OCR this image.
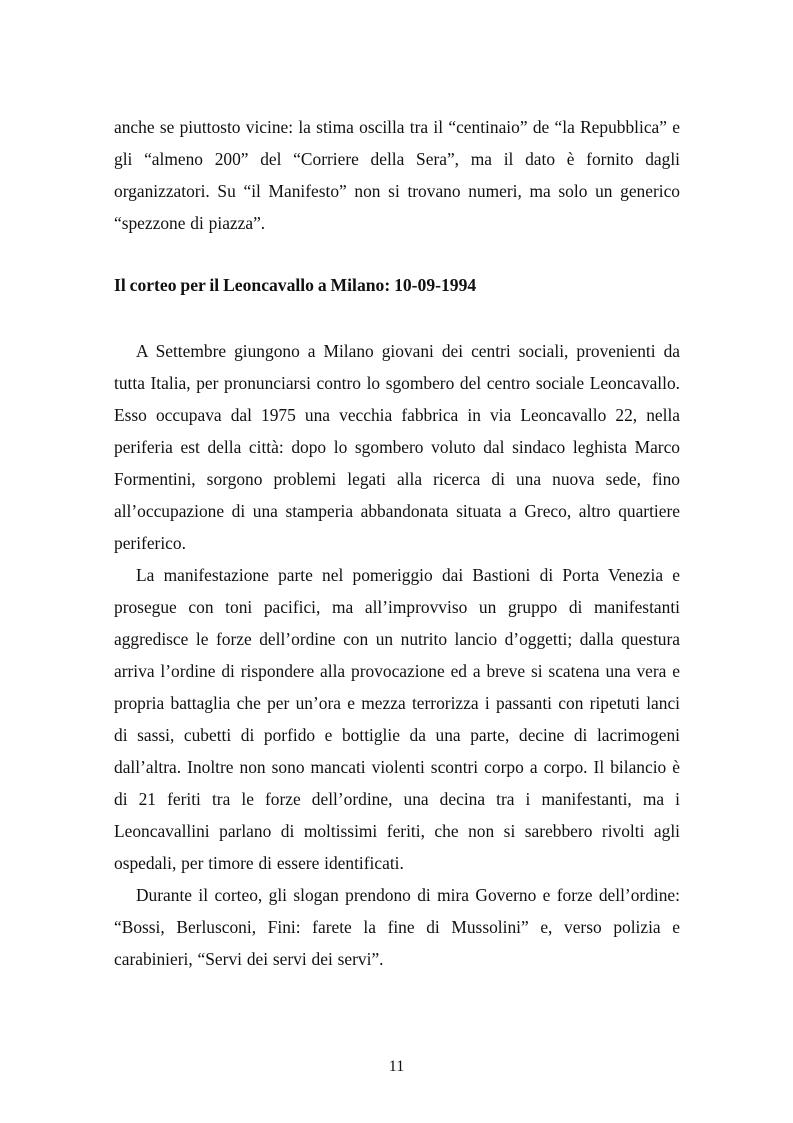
anche se piuttosto vicine: la stima oscilla tra il “centinaio” de “la Repubblica” e gli “almeno 200” del “Corriere della Sera”, ma il dato è fornito dagli organizzatori. Su “il Manifesto” non si trovano numeri, ma solo un generico “spezzone di piazza”.

Il corteo per il Leoncavallo a Milano: 10-09-1994

A Settembre giungono a Milano giovani dei centri sociali, provenienti da tutta Italia, per pronunciarsi contro lo sgombero del centro sociale Leoncavallo. Esso occupava dal 1975 una vecchia fabbrica in via Leoncavallo 22, nella periferia est della città: dopo lo sgombero voluto dal sindaco leghista Marco Formentini, sorgono problemi legati alla ricerca di una nuova sede, fino all’occupazione di una stamperia abbandonata situata a Greco, altro quartiere periferico.

La manifestazione parte nel pomeriggio dai Bastioni di Porta Venezia e prosegue con toni pacifici, ma all’improvviso un gruppo di manifestanti aggredisce le forze dell’ordine con un nutrito lancio d’oggetti; dalla questura arriva l’ordine di rispondere alla provocazione ed a breve si scatena una vera e propria battaglia che per un’ora e mezza terrorizza i passanti con ripetuti lanci di sassi, cubetti di porfido e bottiglie da una parte, decine di lacrimogeni dall’altra. Inoltre non sono mancati violenti scontri corpo a corpo. Il bilancio è di 21 feriti tra le forze dell’ordine, una decina tra i manifestanti, ma i Leoncavallini parlano di moltissimi feriti, che non si sarebbero rivolti agli ospedali, per timore di essere identificati.

Durante il corteo, gli slogan prendono di mira Governo e forze dell’ordine: “Bossi, Berlusconi, Fini: farete la fine di Mussolini” e, verso polizia e carabinieri, “Servi dei servi dei servi”.

11
